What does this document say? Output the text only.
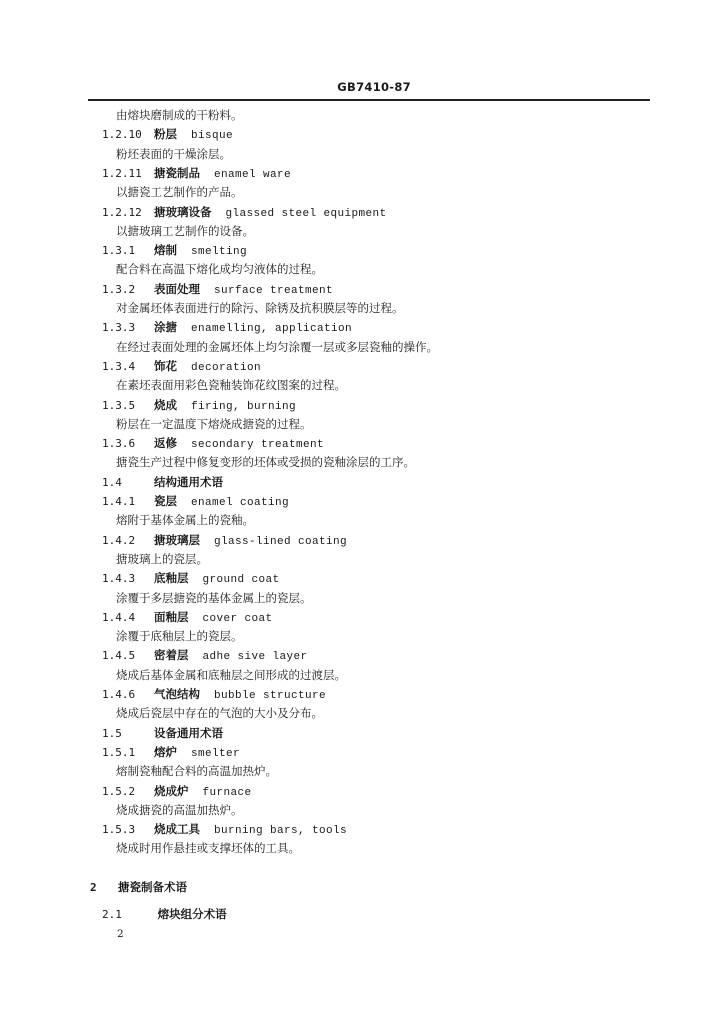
GB7410-87
由熔块磨制成的干粉料。
1.2.10 粉层 bisque
粉坯表面的干燥涂层。
1.2.11 搪瓷制品 enamel ware
以搪瓷工艺制作的产品。
1.2.12 搪玻璃设备 glassed steel equipment
以搪玻璃工艺制作的设备。
1.3.1 熔制 smelting
配合料在高温下熔化成均匀液体的过程。
1.3.2 表面处理 surface treatment
对金属坯体表面进行的除污、除锈及抗积膜层等的过程。
1.3.3 涂搪 enamelling, application
在经过表面处理的金属坯体上均匀涂覆一层或多层瓷釉的操作。
1.3.4 饰花 decoration
在素坯表面用彩色瓷釉装饰花纹图案的过程。
1.3.5 烧成 firing, burning
粉层在一定温度下熔烧成搪瓷的过程。
1.3.6 返修 secondary treatment
搪瓷生产过程中修复变形的坯体或受损的瓷釉涂层的工序。
1.4	结构通用术语
1.4.1 瓷层 enamel coating
熔附于基体金属上的瓷釉。
1.4.2 搪玻璃层 glass-lined coating
搪玻璃上的瓷层。
1.4.3 底釉层 ground coat
涂覆于多层搪瓷的基体金属上的瓷层。
1.4.4 面釉层 cover coat
涂覆于底釉层上的瓷层。
1.4.5 密着层 adhe sive layer
烧成后基体金属和底釉层之间形成的过渡层。
1.4.6 气泡结构 bubble structure
烧成后瓷层中存在的气泡的大小及分布。
1.5	设备通用术语
1.5.1 熔炉 smelter
熔制瓷釉配合料的高温加热炉。
1.5.2 烧成炉 furnace
烧成搪瓷的高温加热炉。
1.5.3 烧成工具 burning bars, tools
烧成时用作悬挂或支撑坯体的工具。
2 搪瓷制备术语
2.1	熔块组分术语
2
